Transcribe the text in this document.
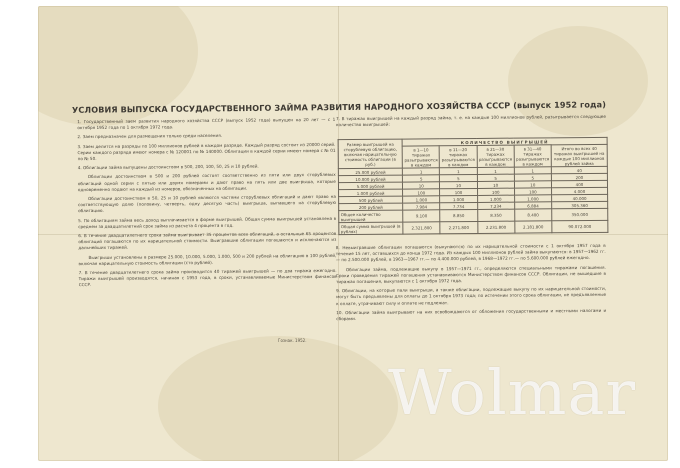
УСЛОВИЯ ВЫПУСКА ГОСУДАРСТВЕННОГО ЗАЙМА РАЗВИТИЯ НАРОДНОГО ХОЗЯЙСТВА СССР (выпуск 1952 года)

1. Государственный заем развития народного хозяйства СССР (выпуск 1952 года) выпущен на 20 лет — с 1 октября 1952 года по 1 октября 1972 года.

2. Заем предназначен для размещения только среди населения.

3. Заем делится на разряды по 100 миллионов рублей в каждом разряде. Каждый разряд состоит из 20000 серий. Серии каждого разряда имеют номера с № 120001 по № 140000. Облигации в каждой серии имеют номера с № 01 по № 50.

4. Облигации займа выпущены достоинством в 500, 200, 100, 50, 25 и 10 рублей.

Облигации достоинством в 500 и 200 рублей состоят соответственно из пяти или двух сторублевых облигаций одной серии с пятью или двумя номерами и дают право на пять или две выигрыша, которые одновременно подают на каждый из номеров, обозначенных на облигации.

Облигации достоинством в 50, 25 и 10 рублей являются частями сторублевых облигаций и дают право на соответствующую долю (половину, четверть, одну десятую часть) выигрыша, выпавшего на сторублевую облигацию.

5. По облигациям займа весь доход выплачивается в форме выигрышей. Общая сумма выигрышей установлена в среднем за двадцатилетний срок займа из расчета 4 процента в год.

6. В течение двадцатилетнего срока займа выигрывает 35 процентов всех облигаций, а остальные 65 процентов облигаций погашаются по их нарицательной стоимости. Выигравшие облигации погашаются и исключаются из дальнейших тиражей.

Выигрыши установлены в размере 25.000, 10.000, 5.000, 1.000, 500 и 200 рублей на облигацию в 100 рублей, включая нарицательную стоимость облигации (сто рублей).

7. В течение двадцатилетнего срока займа производится 40 тиражей выигрышей — по два тиража ежегодно. Тиражи выигрышей производятся, начиная с 1953 года, в сроки, устанавливаемые Министерством финансов СССР.

7. В тиражах выигрышей на каждый разряд займа, т. е. на каждые 100 миллионов рублей, разыгрывается следующее количество выигрышей:

Размер выигрышей на сторублевую облигацию, включая нарицательную стоимость облигации (в руб.)	КОЛИЧЕСТВО ВЫИГРЫШЕЙ				
	в 1—10 тиражах разыгрываются в каждом	в 11—20 тиражах разыгрываются в каждом	в 21—30 тиражах разыгрываются в каждом	в 31—40 тиражах разыгрываются в каждом	Итого во всех 40 тиражах выигрышей на каждые 100 миллионов рублей займа
25.000 рублей	1	1	1	1	40
10.000 рублей	5	5	5	5	200
5.000 рублей	10	10	10	10	400
1.000 рублей	100	100	100	100	4.000
500 рублей	1.000	1.000	1.000	1.000	40.000
200 рублей	7.984	7.734	7.234	6.884	305.360
Общее количество выигрышей	9.100	8.850	8.350	8.400	350.000
Общая сумма выигрышей (в рублях)	2.321.800	2.271.800	2.231.800	2.181.800	90.072.000

8. Невыигравшие облигации погашаются (выкупаются) по их нарицательной стоимости с 1 октября 1957 года в течение 15 лет, оставшихся до конца 1972 года. Из каждых 100 миллионов рублей займа выкупаются: в 1957—1962 гг.— по 2.500.000 рублей, в 1963—1967 гг.— по 4.400.000 рублей, в 1968—1972 гг.— по 5.600.000 рублей ежегодно.

Облигации займа, подлежащие выкупу в 1957—1971 гг., определяются специальными тиражами погашения. Сроки проведения тиражей погашения устанавливаются Министерством финансов СССР. Облигации, не вышедшие в тиражах погашения, выкупаются с 1 октября 1972 года.

9. Облигации, на которые пали выигрыши, а также облигации, подлежащие выкупу по их нарицательной стоимости, могут быть предъявлены для оплаты до 1 октября 1973 года; по истечении этого срока облигации, не предъявленные к оплате, утрачивают силу и оплате не подлежат.

10. Облигации займа выигрывают на них освобождаются от обложения государственными и местными налогами и сборами.

Гознак. 1952.
Wolmar
